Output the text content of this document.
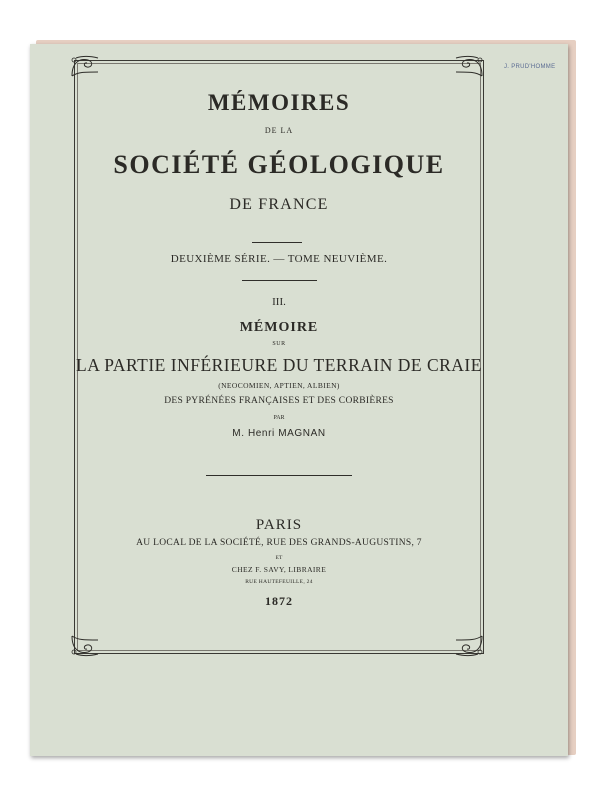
J. PRUD'HOMME
MÉMOIRES
DE LA
SOCIÉTÉ GÉOLOGIQUE
DE FRANCE
DEUXIÈME SÉRIE. — TOME NEUVIÈME.
III.
MÉMOIRE
SUR
LA PARTIE INFÉRIEURE DU TERRAIN DE CRAIE
(NEOCOMIEN, APTIEN, ALBIEN)
DES PYRÉNÉES FRANÇAISES ET DES CORBIÈRES
PAR
M. Henri MAGNAN
PARIS
AU LOCAL DE LA SOCIÉTÉ, RUE DES GRANDS-AUGUSTINS, 7
ET
CHEZ F. SAVY, LIBRAIRE
RUE HAUTEFEUILLE, 24
1872
